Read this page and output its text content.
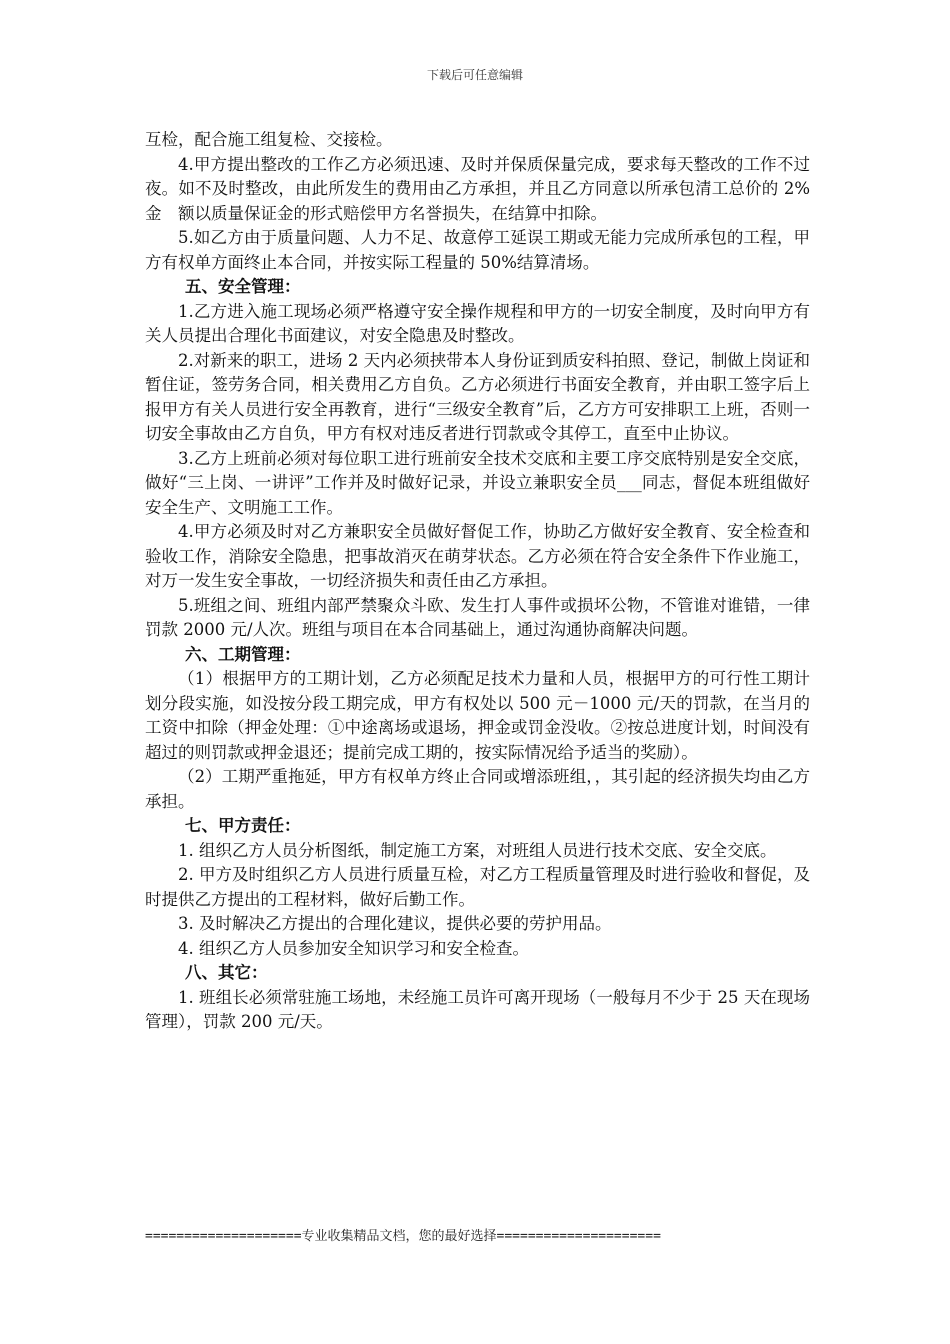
下载后可任意编辑

互检，配合施工组复检、交接检。

4.甲方提出整改的工作乙方必须迅速、及时并保质保量完成，要求每天整改的工作不过夜。如不及时整改，由此所发生的费用由乙方承担，并且乙方同意以所承包清工总价的 2%金　额以质量保证金的形式赔偿甲方名誉损失，在结算中扣除。

5.如乙方由于质量问题、人力不足、故意停工延误工期或无能力完成所承包的工程，甲方有权单方面终止本合同，并按实际工程量的 50%结算清场。

五、安全管理：

1.乙方进入施工现场必须严格遵守安全操作规程和甲方的一切安全制度，及时向甲方有关人员提出合理化书面建议，对安全隐患及时整改。

2.对新来的职工，进场 2 天内必须挟带本人身份证到质安科拍照、登记，制做上岗证和暂住证，签劳务合同，相关费用乙方自负。乙方必须进行书面安全教育，并由职工签字后上报甲方有关人员进行安全再教育，进行“三级安全教育”后，乙方方可安排职工上班，否则一切安全事故由乙方自负，甲方有权对违反者进行罚款或令其停工，直至中止协议。

3.乙方上班前必须对每位职工进行班前安全技术交底和主要工序交底特别是安全交底，做好“三上岗、一讲评”工作并及时做好记录，并设立兼职安全员___同志，督促本班组做好安全生产、文明施工工作。

4.甲方必须及时对乙方兼职安全员做好督促工作，协助乙方做好安全教育、安全检查和验收工作，消除安全隐患，把事故消灭在萌芽状态。乙方必须在符合安全条件下作业施工，对万一发生安全事故，一切经济损失和责任由乙方承担。

5.班组之间、班组内部严禁聚众斗欧、发生打人事件或损坏公物，不管谁对谁错，一律罚款 2000 元/人次。班组与项目在本合同基础上，通过沟通协商解决问题。

六、工期管理：

（1）根据甲方的工期计划，乙方必须配足技术力量和人员，根据甲方的可行性工期计划分段实施，如没按分段工期完成，甲方有权处以 500 元－1000 元/天的罚款，在当月的工资中扣除（押金处理：①中途离场或退场，押金或罚金没收。②按总进度计划，时间没有超过的则罚款或押金退还；提前完成工期的，按实际情况给予适当的奖励）。

（2）工期严重拖延，甲方有权单方终止合同或增添班组，，其引起的经济损失均由乙方承担。

七、甲方责任：

1. 组织乙方人员分析图纸，制定施工方案，对班组人员进行技术交底、安全交底。

2. 甲方及时组织乙方人员进行质量互检，对乙方工程质量管理及时进行验收和督促，及时提供乙方提出的工程材料，做好后勤工作。

3. 及时解决乙方提出的合理化建议，提供必要的劳护用品。

4. 组织乙方人员参加安全知识学习和安全检查。

八、其它：

1. 班组长必须常驻施工场地，未经施工员许可离开现场（一般每月不少于 25 天在现场管理），罚款 200 元/天。

====================专业收集精品文档，您的最好选择=====================
